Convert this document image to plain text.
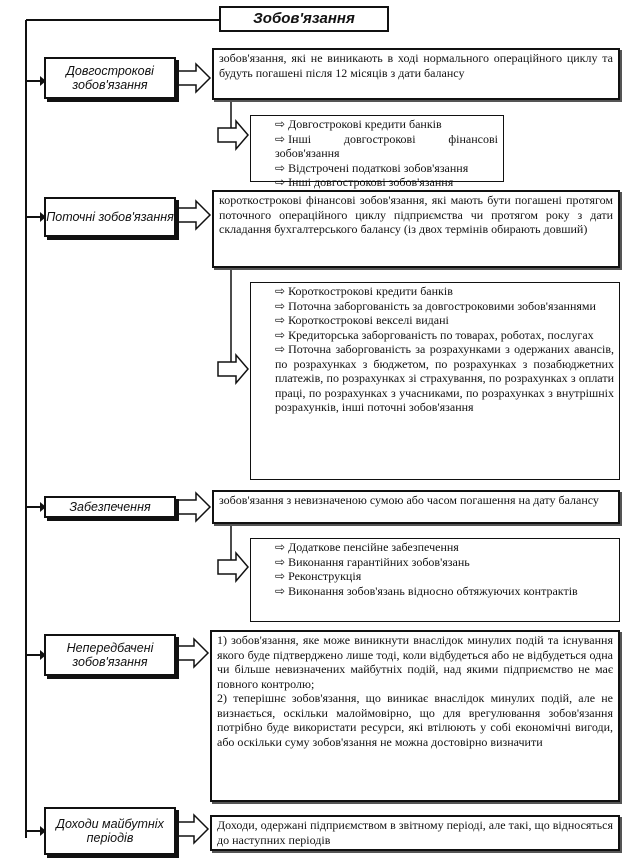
Зобов'язання
Довгострокові зобов'язання
зобов'язання, які не виникають в ході нормального операційного циклу та будуть погашені після 12 місяців з дати балансу
⇨ Довгострокові кредити банків
⇨ Інші довгострокові фінансові зобов'язання
⇨ Відстрочені податкові зобов'язання
⇨ Інші довгострокові зобов'язання
Поточні зобов'язання
короткострокові фінансові зобов'язання, які мають бути погашені протягом поточного операційного циклу підприємства чи протягом року з дати складання бухгалтерського балансу (із двох термінів обирають довший)
⇨ Короткострокові кредити банків
⇨ Поточна заборгованість за довгостроковими зобов'язаннями
⇨ Короткострокові векселі видані
⇨ Кредиторська заборгованість по товарах, роботах, послугах
⇨ Поточна заборгованість за розрахунками з одержаних авансів, по розрахунках з бюджетом, по розрахунках з позабюджетних платежів, по розрахунках зі страхування, по розрахунках з оплати праці, по розрахунках з учасниками, по розрахунках з внутрішніх розрахунків, інші поточні зобов'язання
Забезпечення	зобов'язання з невизначеною сумою або часом погашення на дату балансу
⇨ Додаткове пенсійне забезпечення
⇨ Виконання гарантійних зобов'язань
⇨ Реконструкція
⇨ Виконання зобов'язань відносно обтяжуючих контрактів
Непередбачені зобов'язання
1) зобов'язання, яке може виникнути внаслідок минулих подій та існування якого буде підтверджено лише тоді, коли відбудеться або не відбудеться одна чи більше невизначених майбутніх подій, над якими підприємство не має повного контролю;
2) теперішнє зобов'язання, що виникає внаслідок минулих подій, але не визнається, оскільки малоймовірно, що для врегулювання зобов'язання потрібно буде використати ресурси, які втілюють у собі економічні вигоди, або оскільки суму зобов'язання не можна достовірно визначити
Доходи майбутніх періодів
Доходи, одержані підприємством в звітному періоді, але такі, що відносяться до наступних періодів
